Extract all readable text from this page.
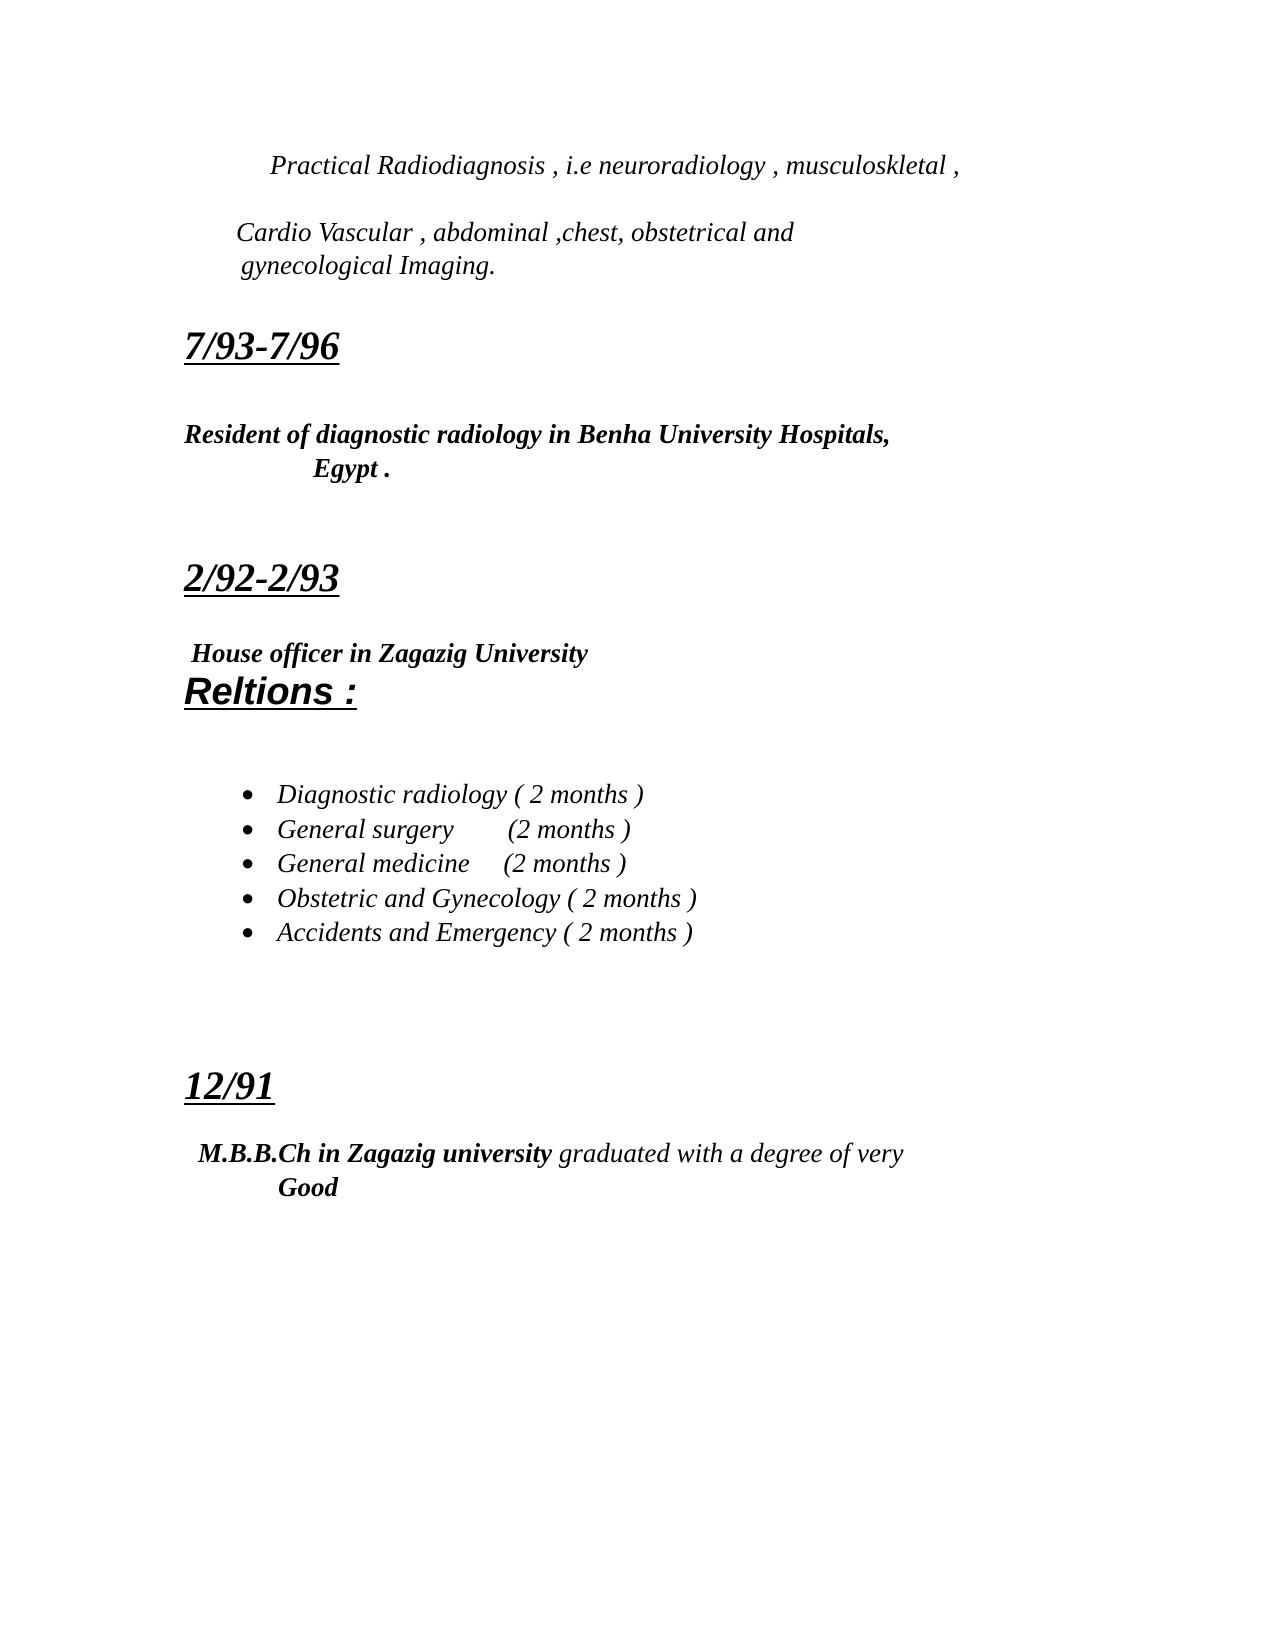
Practical Radiodiagnosis , i.e neuroradiology , musculoskletal ,
Cardio Vascular , abdominal ,chest, obstetrical and
gynecological Imaging.
7/93-7/96
Resident of diagnostic radiology in Benha University Hospitals,
Egypt .
2/92-2/93
House officer in Zagazig University
Reltions :
● Diagnostic radiology ( 2 months )
● General surgery        (2 months )
● General medicine     (2 months )
● Obstetric and Gynecology ( 2 months )
● Accidents and Emergency ( 2 months )
12/91
M.B.B.Ch in Zagazig university graduated with a degree of very
Good
